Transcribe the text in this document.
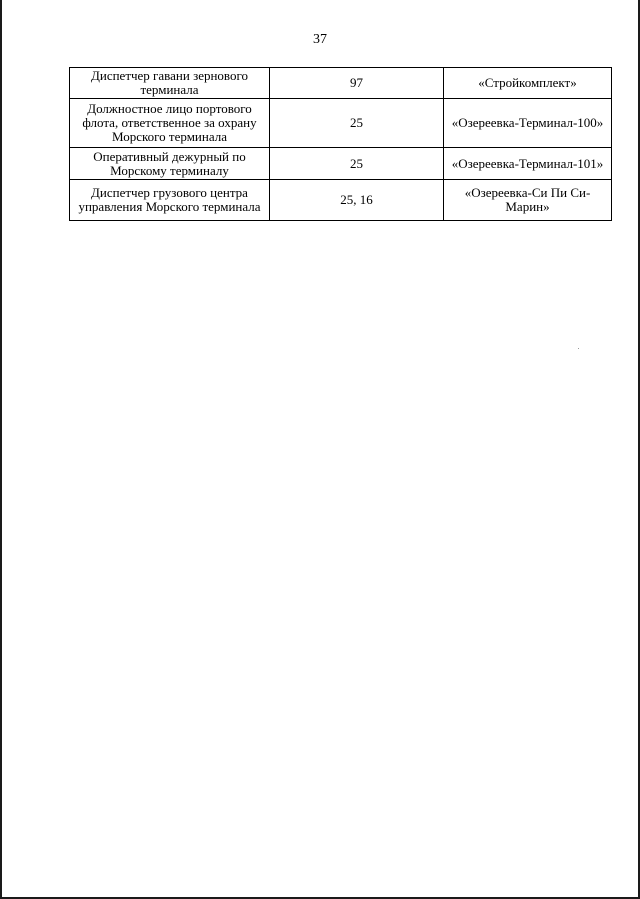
37
Диспетчер гавани зернового терминала	97	«Стройкомплект»
Должностное лицо портового флота, ответственное за охрану Морского терминала	25	«Озереевка-Терминал-100»
Оперативный дежурный по Морскому терминалу	25	«Озереевка-Терминал-101»
Диспетчер грузового центра управления Морского терминала	25, 16	«Озереевка-Си Пи Си-Марин»
